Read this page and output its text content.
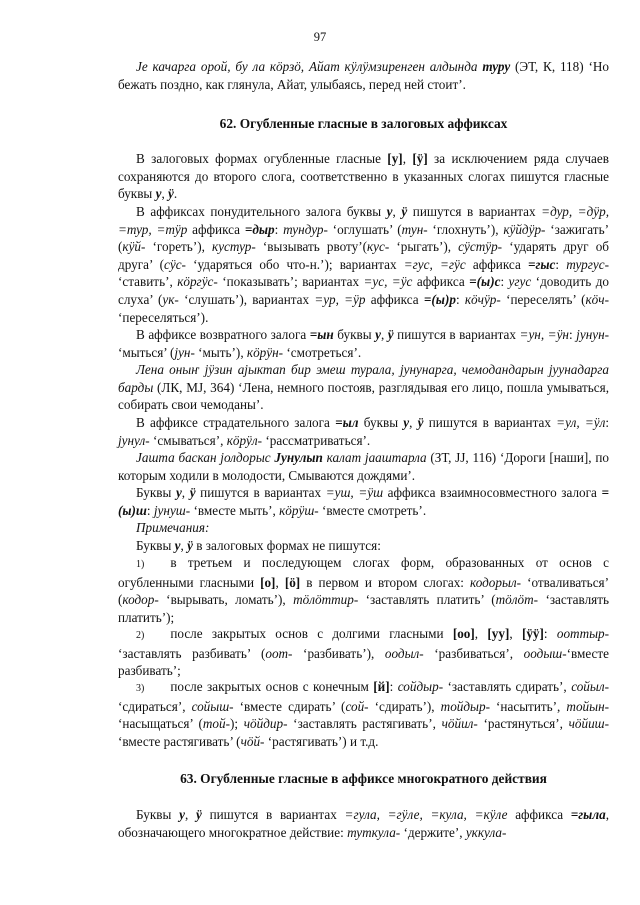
97
Је качарга орой, бу ла кӧрзӧ, Айат кӱлӱмзиренген алдында туру (ЭТ, К, 118) ‘Но бежать поздно, как глянула, Айат, улыбаясь, перед ней стоит’.
62. Огубленные гласные в залоговых аффиксах
В залоговых формах огубленные гласные [у], [ӱ] за исключением ряда случаев сохраняются до второго слога, соответственно в указанных слогах пишутся гласные буквы у, ӱ.
В аффиксах понудительного залога буквы у, ӱ пишутся в вариантах =дур, =дӱр, =тур, =тӱр аффикса =дыр: тундур- ‘оглушать’ (тун- ‘глохнуть’), кӱйдӱр- ‘зажигать’ (кӱй- ‘гореть’), кустур- ‘вызывать рвоту’(кус- ‘рыгать’), сӱстӱр- ‘ударять друг об друга’ (сӱс- ‘ударяться обо что-н.’); вариантах =гус, =гӱс аффикса =гыс: тургус- ‘ставить’, кӧргӱс- ‘показывать’; вариантах =ус, =ӱс аффикса =(ы)с: угус ‘доводить до слуха’ (ук- ‘слушать’), вариантах =ур, =ӱр аффикса =(ы)р: кӧчӱр- ‘переселять’ (кӧч- ‘переселяться’).
В аффиксе возвратного залога =ын буквы у, ӱ пишутся в вариантах =ун, =ӱн: јунун- ‘мыться’ (јун- ‘мыть’), кӧрӱн- ‘смотреться’.
Лена оныҥ јӱзин аjыктап бир эмеш турала, јунунарга, чемодандарын јуунадарга барды (ЛК, МЈ, 364) ‘Лена, немного постояв, разглядывая его лицо, пошла умываться, собирать свои чемоданы’.
В аффиксе страдательного залога =ыл буквы у, ӱ пишутся в вариантах =ул, =ӱл: јунул- ‘смываться’, кӧрӱл- ‘рассматриваться’.
Јашта баскан јолдорыс Јунулып калат јааштарла (ЗТ, ЈЈ, 116) ‘Дороги [наши], по которым ходили в молодости, Смываются дождями’.
Буквы у, ӱ пишутся в вариантах =уш, =ӱш аффикса взаимносовместного залога =(ы)ш: јунуш- ‘вместе мыть’, кӧрӱш- ‘вместе смотреть’.
Примечания:
Буквы у, ӱ в залоговых формах не пишутся:
1) в третьем и последующем слогах форм, образованных от основ с огубленными гласными [о], [ӧ] в первом и втором слогах: кодорыл- ‘отваливаться’ (кодор- ‘вырывать, ломать’), тӧлӧттир- ‘заставлять платить’ (тӧлӧт- ‘заставлять платить’);
2) после закрытых основ с долгими гласными [оо], [уу], [ӱӱ]: ооттыр- ‘заставлять разбивать’ (оот- ‘разбивать’), оодыл- ‘разбиваться’, оодыш-‘вместе разбивать’;
3) после закрытых основ с конечным [й]: сойдыр- ‘заставлять сдирать’, сойыл- ‘сдираться’, сойыш- ‘вместе сдирать’ (сой- ‘сдирать’), тойдыр- ‘насытить’, тойын- ‘насыщаться’ (той-); чӧйдир- ‘заставлять растягивать’, чӧйил- ‘растянуться’, чӧйиш- ‘вместе растягивать’ (чӧй- ‘растягивать’) и т.д.
63. Огубленные гласные в аффиксе многократного действия
Буквы у, ӱ пишутся в вариантах =гула, =гӱле, =кула, =кӱле аффикса =гыла, обозначающего многократное действие: туткула- ‘держите’, уккула-
